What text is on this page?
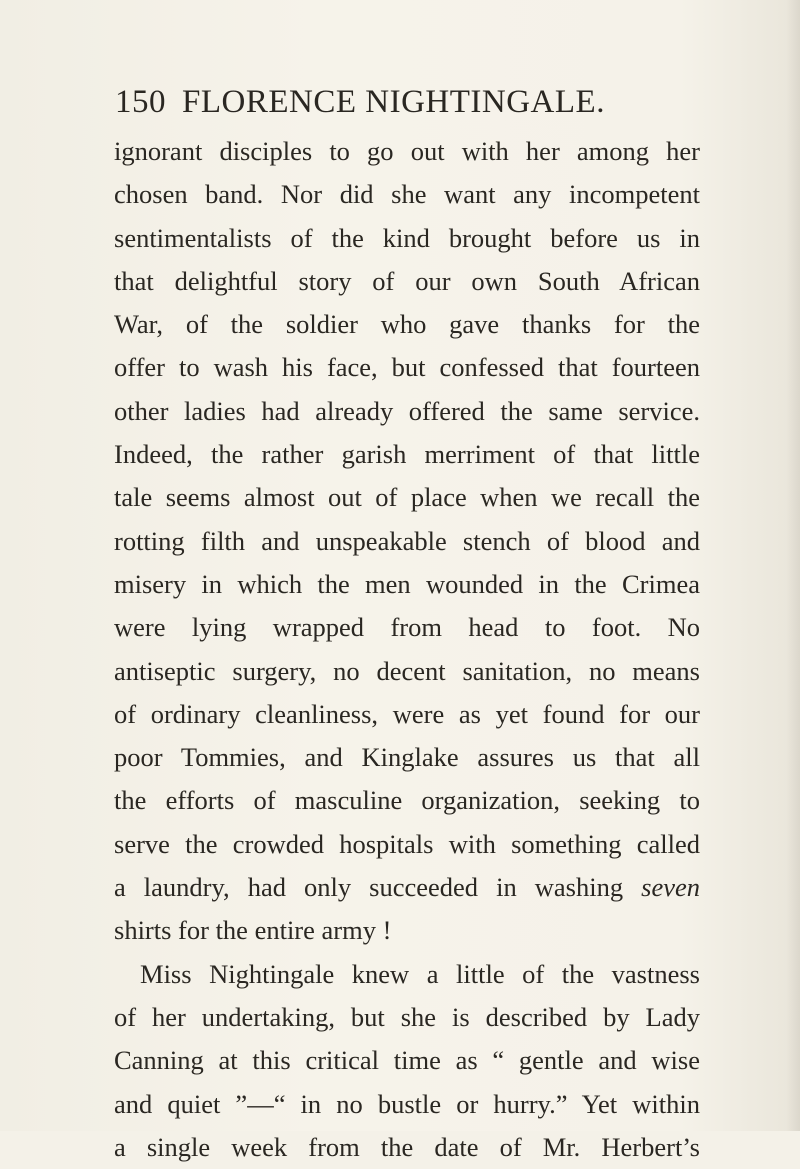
150 FLORENCE NIGHTINGALE.
ignorant disciples to go out with her among her
chosen band. Nor did she want any incompetent
sentimentalists of the kind brought before us in
that delightful story of our own South African
War, of the soldier who gave thanks for the
offer to wash his face, but confessed that fourteen
other ladies had already offered the same service.
Indeed, the rather garish merriment of that little
tale seems almost out of place when we recall the
rotting filth and unspeakable stench of blood and
misery in which the men wounded in the Crimea
were lying wrapped from head to foot. No
antiseptic surgery, no decent sanitation, no means
of ordinary cleanliness, were as yet found for our
poor Tommies, and Kinglake assures us that all
the efforts of masculine organization, seeking to
serve the crowded hospitals with something called
a laundry, had only succeeded in washing seven
shirts for the entire army !
Miss Nightingale knew a little of the vastness
of her undertaking, but she is described by Lady
Canning at this critical time as “ gentle and wise
and quiet ”—“ in no bustle or hurry.” Yet within
a single week from the date of Mr. Herbert’s
